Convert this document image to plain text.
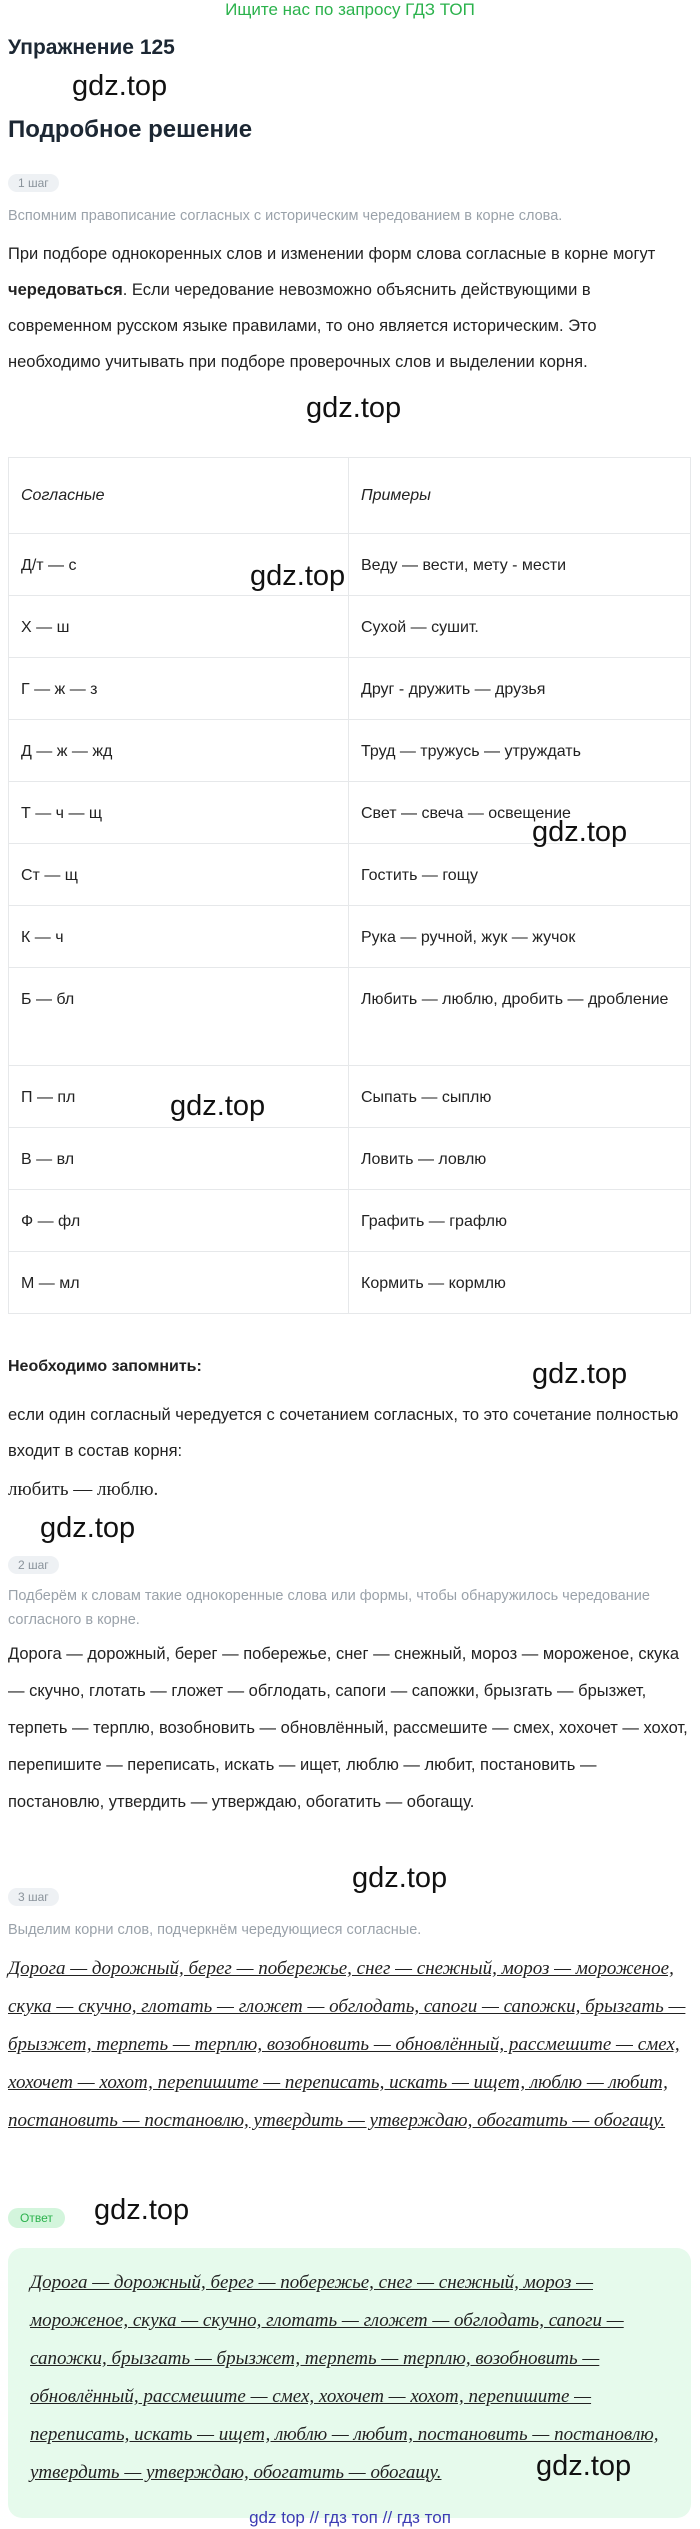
Ищите нас по запросу ГДЗ ТОП
Упражнение 125
gdz.top
Подробное решение
1 шаг
Вспомним правописание согласных с историческим чередованием в корне слова.
При подборе однокоренных слов и изменении форм слова согласные в корне могут чередоваться. Если чередование невозможно объяснить действующими в современном русском языке правилами, то оно является историческим. Это необходимо учитывать при подборе проверочных слов и выделении корня.
gdz.top
Согласные	Примеры
Д/т — с	Веду — вести, мету - мести
Х — ш	Сухой — сушит.
Г — ж — з	Друг - дружить — друзья
Д — ж — жд	Труд — тружусь — утруждать
Т — ч — щ	Свет — свеча — освещение
Ст — щ	Гостить — гощу
К — ч	Рука — ручной, жук — жучок
Б — бл	Любить — люблю, дробить — дробление
П — пл	Сыпать — сыплю
В — вл	Ловить — ловлю
Ф — фл	Графить — графлю
М — мл	Кормить — кормлю
gdz.top
gdz.top
gdz.top
Необходимо запомнить:	gdz.top
если один согласный чередуется с сочетанием согласных, то это сочетание полностью входит в состав корня:
любить — люблю.
gdz.top
2 шаг
Подберём к словам такие однокоренные слова или формы, чтобы обнаружилось чередование согласного в корне.
Дорога — дорожный, берег — побережье, снег — снежный, мороз — мороженое, скука — скучно, глотать — гложет — обглодать, сапоги — сапожки, брызгать — брызжет, терпеть — терплю, возобновить — обновлённый, рассмешите — смех, хохочет — хохот, перепишите — переписать, искать — ищет, люблю — любит, постановить — постановлю, утвердить — утверждаю, обогатить — обогащу.
gdz.top
3 шаг
Выделим корни слов, подчеркнём чередующиеся согласные.
Дорога — дорожный, берег — побережье, снег — снежный, мороз — мороженое, скука — скучно, глотать — гложет — обглодать, сапоги — сапожки, брызгать — брызжет, терпеть — терплю, возобновить — обновлённый, рассмешите — смех, хохочет — хохот, перепишите — переписать, искать — ищет, люблю — любит, постановить — постановлю, утвердить — утверждаю, обогатить — обогащу.
gdz.top
Ответ
Дорога — дорожный, берег — побережье, снег — снежный, мороз — мороженое, скука — скучно, глотать — гложет — обглодать, сапоги — сапожки, брызгать — брызжет, терпеть — терплю, возобновить — обновлённый, рассмешите — смех, хохочет — хохот, перепишите — переписать, искать — ищет, люблю — любит, постановить — постановлю, утвердить — утверждаю, обогатить — обогащу.	gdz.top
gdz top // гдз топ // гдз топ
